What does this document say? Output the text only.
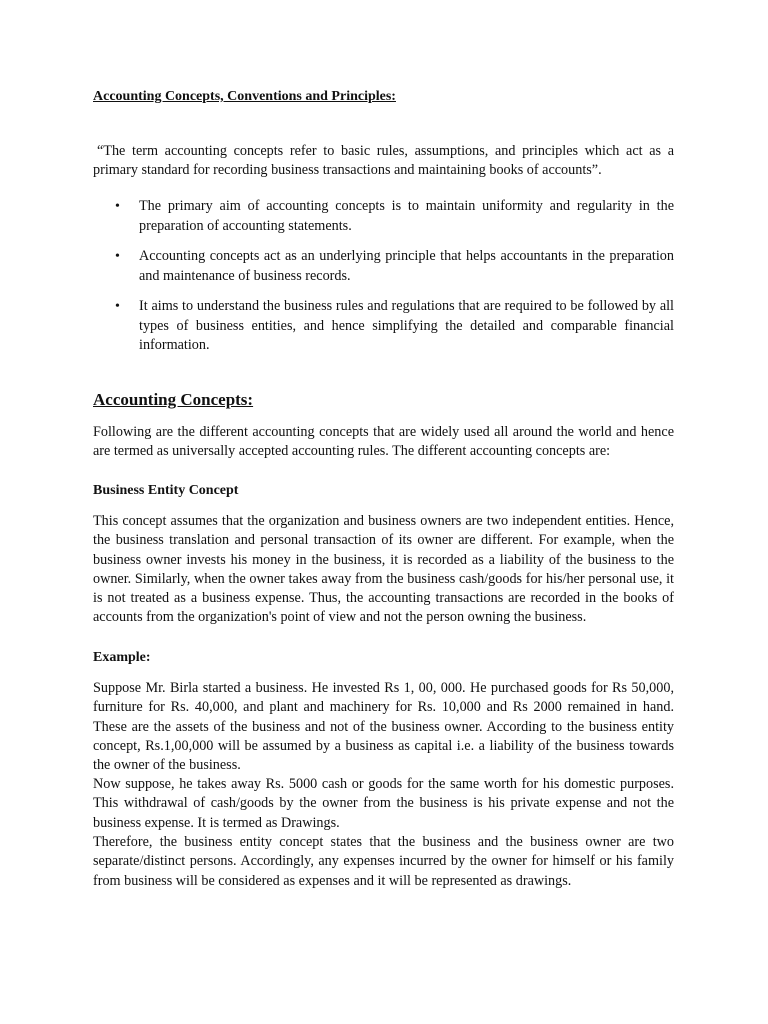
Accounting Concepts, Conventions and Principles:

“The term accounting concepts refer to basic rules, assumptions, and principles which act as a primary standard for recording business transactions and maintaining books of accounts”.

• The primary aim of accounting concepts is to maintain uniformity and regularity in the preparation of accounting statements.
• Accounting concepts act as an underlying principle that helps accountants in the preparation and maintenance of business records.
• It aims to understand the business rules and regulations that are required to be followed by all types of business entities, and hence simplifying the detailed and comparable financial information.
Accounting Concepts:

Following are the different accounting concepts that are widely used all around the world and hence are termed as universally accepted accounting rules. The different accounting concepts are:

Business Entity Concept

This concept assumes that the organization and business owners are two independent entities. Hence, the business translation and personal transaction of its owner are different. For example, when the business owner invests his money in the business, it is recorded as a liability of the business to the owner. Similarly, when the owner takes away from the business cash/goods for his/her personal use, it is not treated as a business expense. Thus, the accounting transactions are recorded in the books of accounts from the organization's point of view and not the person owning the business.

Example:

Suppose Mr. Birla started a business. He invested Rs 1, 00, 000. He purchased goods for Rs 50,000, furniture for Rs. 40,000, and plant and machinery for Rs. 10,000 and Rs 2000 remained in hand. These are the assets of the business and not of the business owner. According to the business entity concept, Rs.1,00,000 will be assumed by a business as capital i.e. a liability of the business towards the owner of the business.

Now suppose, he takes away Rs. 5000 cash or goods for the same worth for his domestic purposes. This withdrawal of cash/goods by the owner from the business is his private expense and not the business expense. It is termed as Drawings.

Therefore, the business entity concept states that the business and the business owner are two separate/distinct persons. Accordingly, any expenses incurred by the owner for himself or his family from business will be considered as expenses and it will be represented as drawings.
